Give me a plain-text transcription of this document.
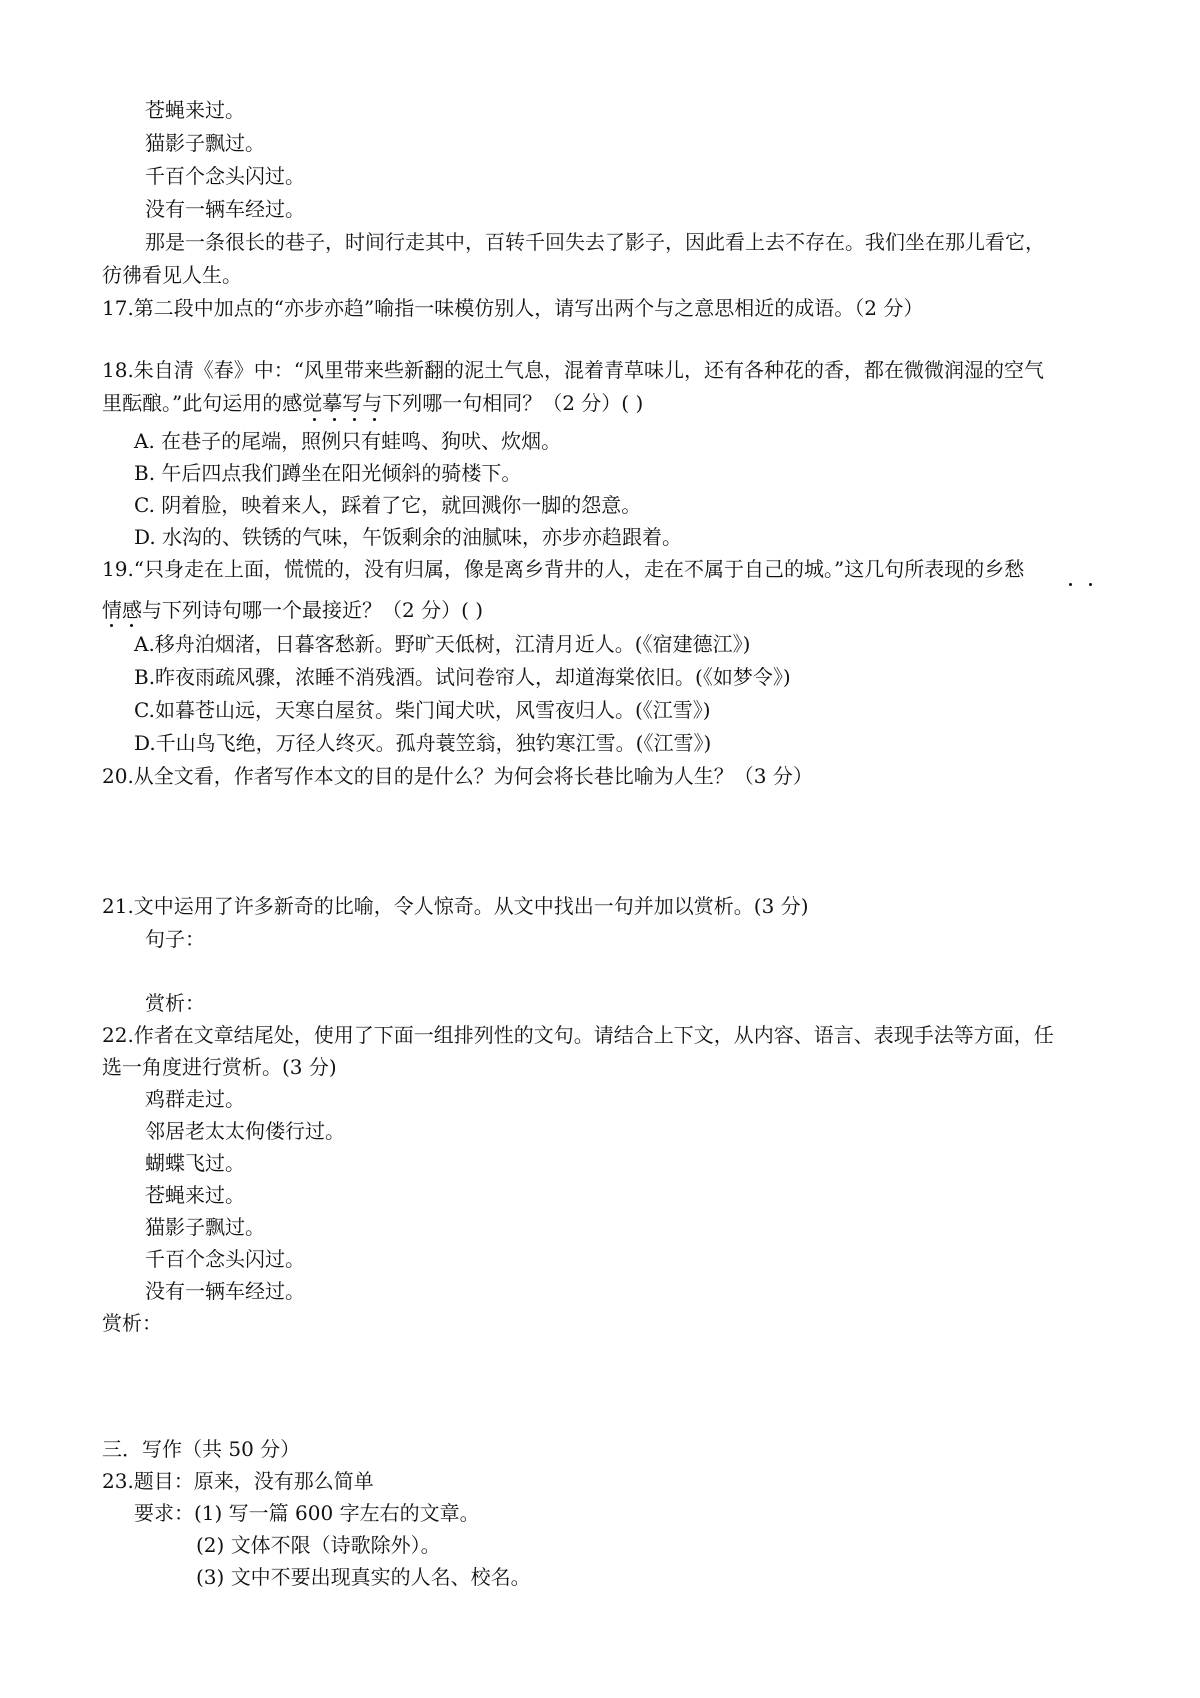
苍蝇来过。
猫影子飘过。
千百个念头闪过。
没有一辆车经过。
那是一条很长的巷子，时间行走其中，百转千回失去了影子，因此看上去不存在。我们坐在那儿看它，
彷彿看见人生。
17.第二段中加点的“亦步亦趋”喻指一味模仿别人，请写出两个与之意思相近的成语。（2 分）
18.朱自清《春》中：“风里带来些新翻的泥土气息，混着青草味儿，还有各种花的香，都在微微润湿的空气
里酝酿。”此句运用的感觉摹写与下列哪一句相同？（2 分）( )
A. 在巷子的尾端，照例只有蛙鸣、狗吠、炊烟。
B. 午后四点我们蹲坐在阳光倾斜的骑楼下。
C. 阴着脸，映着来人，踩着了它，就回溅你一脚的怨意。
D. 水沟的、铁锈的气味，午饭剩余的油腻味，亦步亦趋跟着。
19.“只身走在上面，慌慌的，没有归属，像是离乡背井的人，走在不属于自己的城。”这几句所表现的乡愁
情感与下列诗句哪一个最接近？（2 分）( )
A.移舟泊烟渚，日暮客愁新。野旷天低树，江清月近人。(《宿建德江》)
B.昨夜雨疏风骤，浓睡不消残酒。试问卷帘人，却道海棠依旧。(《如梦令》)
C.如暮苍山远，天寒白屋贫。柴门闻犬吠，风雪夜归人。(《江雪》)
D.千山鸟飞绝，万径人终灭。孤舟蓑笠翁，独钓寒江雪。(《江雪》)
20.从全文看，作者写作本文的目的是什么？为何会将长巷比喻为人生？（3 分）
21.文中运用了许多新奇的比喻，令人惊奇。从文中找出一句并加以赏析。(3 分)
句子：
赏析：
22.作者在文章结尾处，使用了下面一组排列性的文句。请结合上下文，从内容、语言、表现手法等方面，任
选一角度进行赏析。(3 分)
鸡群走过。
邻居老太太佝偻行过。
蝴蝶飞过。
苍蝇来过。
猫影子飘过。
千百个念头闪过。
没有一辆车经过。
赏析：
三．写作（共 50 分）
23.题目：原来，没有那么简单
要求：(1) 写一篇 600 字左右的文章。
(2) 文体不限（诗歌除外）。
(3) 文中不要出现真实的人名、校名。
